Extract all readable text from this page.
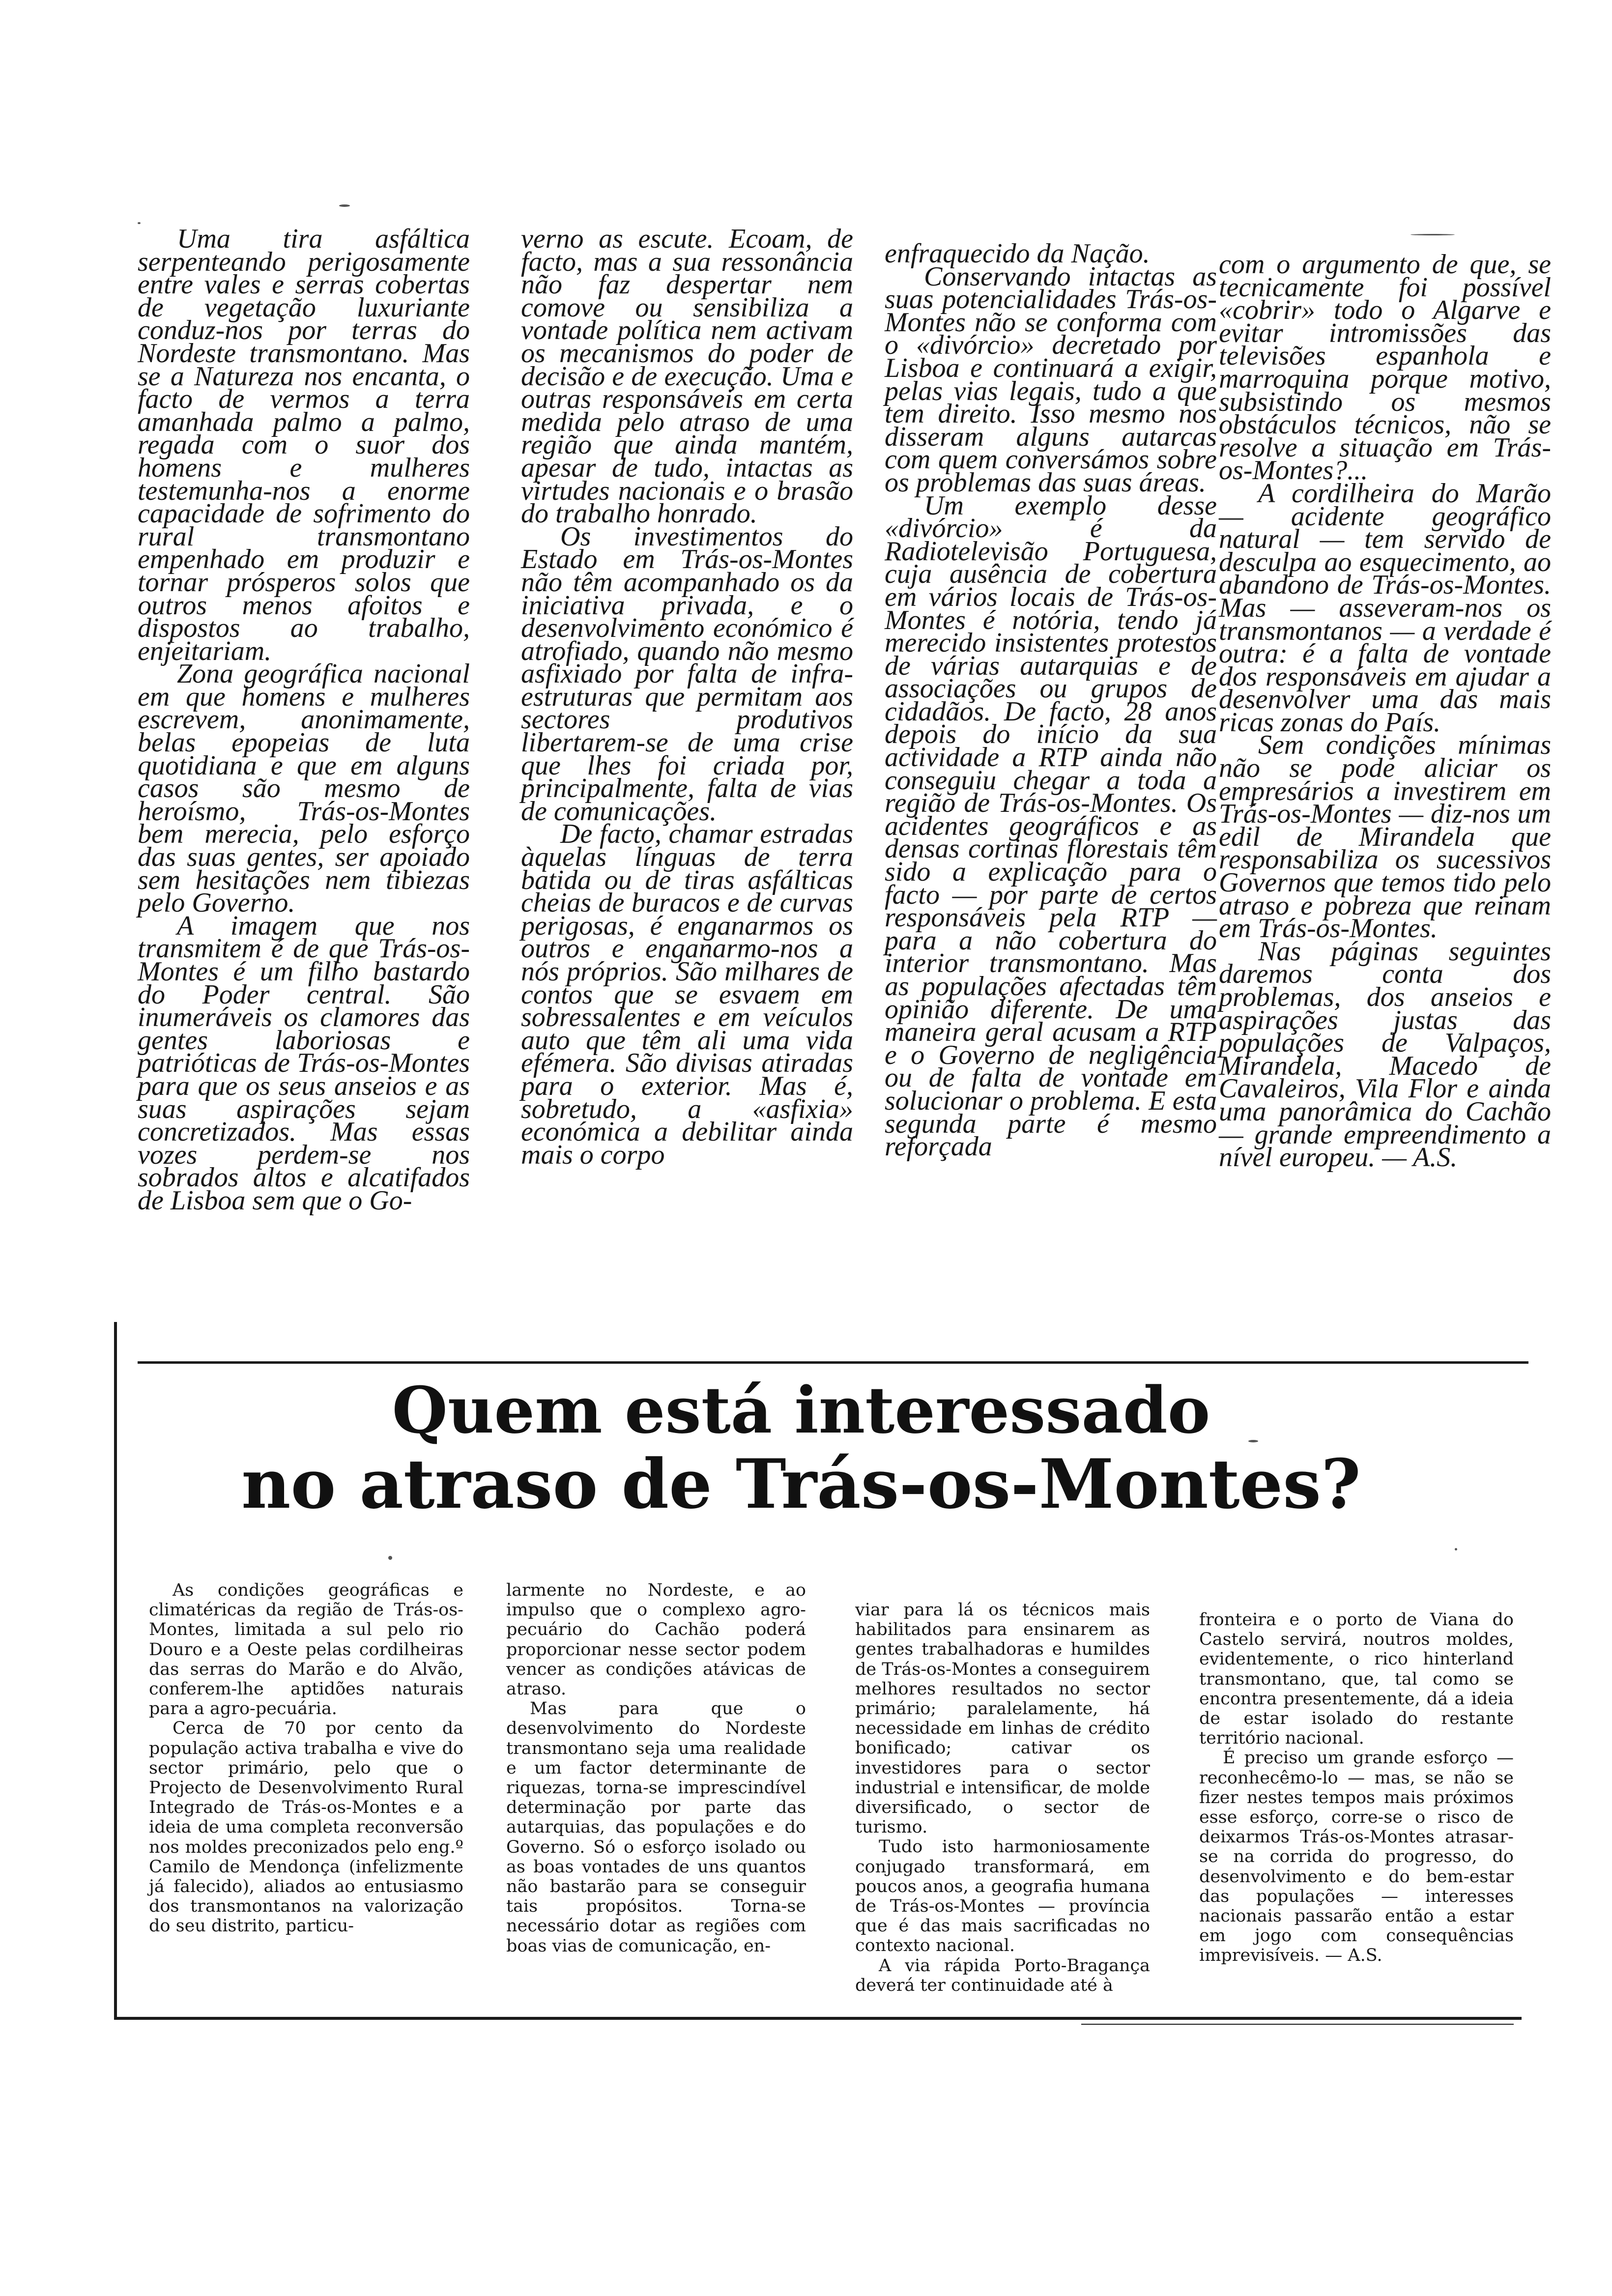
Uma tira asfáltica serpenteando perigosamente entre vales e serras cobertas de vegetação luxuriante conduz-nos por terras do Nordeste transmontano. Mas se a Natureza nos encanta, o facto de vermos a terra amanhada palmo a palmo, regada com o suor dos homens e mulheres testemunha-nos a enorme capacidade de sofrimento do rural transmontano empenhado em produzir e tornar prósperos solos que outros menos afoitos e dispostos ao trabalho, enjeitariam.

Zona geográfica nacional em que homens e mulheres escrevem, anonimamente, belas epopeias de luta quotidiana e que em alguns casos são mesmo de heroísmo, Trás-os-Montes bem merecia, pelo esforço das suas gentes, ser apoiado sem hesitações nem tibiezas pelo Governo.

A imagem que nos transmitem é de que Trás-os-Montes é um filho bastardo do Poder central. São inumeráveis os clamores das gentes laboriosas e patrióticas de Trás-os-Montes para que os seus anseios e as suas aspirações sejam concretizados. Mas essas vozes perdem-se nos sobrados altos e alcatifados de Lisboa sem que o Go-

verno as escute. Ecoam, de facto, mas a sua ressonância não faz despertar nem comove ou sensibiliza a vontade política nem activam os mecanismos do poder de decisão e de execução. Uma e outras responsáveis em certa medida pelo atraso de uma região que ainda mantém, apesar de tudo, intactas as virtudes nacionais e o brasão do trabalho honrado.

Os investimentos do Estado em Trás-os-Montes não têm acompanhado os da iniciativa privada, e o desenvolvimento económico é atrofiado, quando não mesmo asfixiado por falta de infra-estruturas que permitam aos sectores produtivos libertarem-se de uma crise que lhes foi criada por, principalmente, falta de vias de comunicações.

De facto, chamar estradas àquelas línguas de terra batida ou de tiras asfálticas cheias de buracos e de curvas perigosas, é enganarmos os outros e enganarmo-nos a nós próprios. São milhares de contos que se esvaem em sobressalentes e em veículos auto que têm ali uma vida efémera. São divisas atiradas para o exterior. Mas é, sobretudo, a «asfixia» económica a debilitar ainda mais o corpo

enfraquecido da Nação.

Conservando intactas as suas potencialidades Trás-os-Montes não se conforma com o «divórcio» decretado por Lisboa e continuará a exigir, pelas vias legais, tudo a que tem direito. Isso mesmo nos disseram alguns autarcas com quem conversámos sobre os problemas das suas áreas.

Um exemplo desse «divórcio» é da Radiotelevisão Portuguesa, cuja ausência de cobertura em vários locais de Trás-os-Montes é notória, tendo já merecido insistentes protestos de várias autarquias e de associações ou grupos de cidadãos. De facto, 28 anos depois do início da sua actividade a RTP ainda não conseguiu chegar a toda a região de Trás-os-Montes. Os acidentes geográficos e as densas cortinas florestais têm sido a explicação para o facto — por parte de certos responsáveis pela RTP — para a não cobertura do interior transmontano. Mas as populações afectadas têm opinião diferente. De uma maneira geral acusam a RTP e o Governo de negligência ou de falta de vontade em solucionar o problema. E esta segunda parte é mesmo reforçada

com o argumento de que, se tecnicamente foi possível «cobrir» todo o Algarve e evitar intromissões das televisões espanhola e marroquina porque motivo, subsistindo os mesmos obstáculos técnicos, não se resolve a situação em Trás-os-Montes?...

A cordilheira do Marão — acidente geográfico natural — tem servido de desculpa ao esquecimento, ao abandono de Trás-os-Montes. Mas — asseveram-nos os transmontanos — a verdade é outra: é a falta de vontade dos responsáveis em ajudar a desenvolver uma das mais ricas zonas do País.

Sem condições mínimas não se pode aliciar os empresários a investirem em Trás-os-Montes — diz-nos um edil de Mirandela que responsabiliza os sucessivos Governos que temos tido pelo atraso e pobreza que reinam em Trás-os-Montes.

Nas páginas seguintes daremos conta dos problemas, dos anseios e aspirações justas das populações de Valpaços, Mirandela, Macedo de Cavaleiros, Vila Flor e ainda uma panorâmica do Cachão — grande empreendimento a nível europeu. — A.S.

Quem está interessado
no atraso de Trás-os-Montes?

As condições geográficas e climatéricas da região de Trás-os-Montes, limitada a sul pelo rio Douro e a Oeste pelas cordilheiras das serras do Marão e do Alvão, conferem-lhe aptidões naturais para a agro-pecuária.

Cerca de 70 por cento da população activa trabalha e vive do sector primário, pelo que o Projecto de Desenvolvimento Rural Integrado de Trás-os-Montes e a ideia de uma completa reconversão nos moldes preconizados pelo eng.º Camilo de Mendonça (infelizmente já falecido), aliados ao entusiasmo dos transmontanos na valorização do seu distrito, particu-

larmente no Nordeste, e ao impulso que o complexo agro-pecuário do Cachão poderá proporcionar nesse sector podem vencer as condições atávicas de atraso.

Mas para que o desenvolvimento do Nordeste transmontano seja uma realidade e um factor determinante de riquezas, torna-se imprescindível determinação por parte das autarquias, das populações e do Governo. Só o esforço isolado ou as boas vontades de uns quantos não bastarão para se conseguir tais propósitos. Torna-se necessário dotar as regiões com boas vias de comunicação, en-

viar para lá os técnicos mais habilitados para ensinarem as gentes trabalhadoras e humildes de Trás-os-Montes a conseguirem melhores resultados no sector primário; paralelamente, há necessidade em linhas de crédito bonificado; cativar os investidores para o sector industrial e intensificar, de molde diversificado, o sector de turismo.

Tudo isto harmoniosamente conjugado transformará, em poucos anos, a geografia humana de Trás-os-Montes — província que é das mais sacrificadas no contexto nacional.

A via rápida Porto-Bragança deverá ter continuidade até à

fronteira e o porto de Viana do Castelo servirá, noutros moldes, evidentemente, o rico hinterland transmontano, que, tal como se encontra presentemente, dá a ideia de estar isolado do restante território nacional.

É preciso um grande esforço — reconhecêmo-lo — mas, se não se fizer nestes tempos mais próximos esse esforço, corre-se o risco de deixarmos Trás-os-Montes atrasar-se na corrida do progresso, do desenvolvimento e do bem-estar das populações — interesses nacionais passarão então a estar em jogo com consequências imprevisíveis. — A.S.
